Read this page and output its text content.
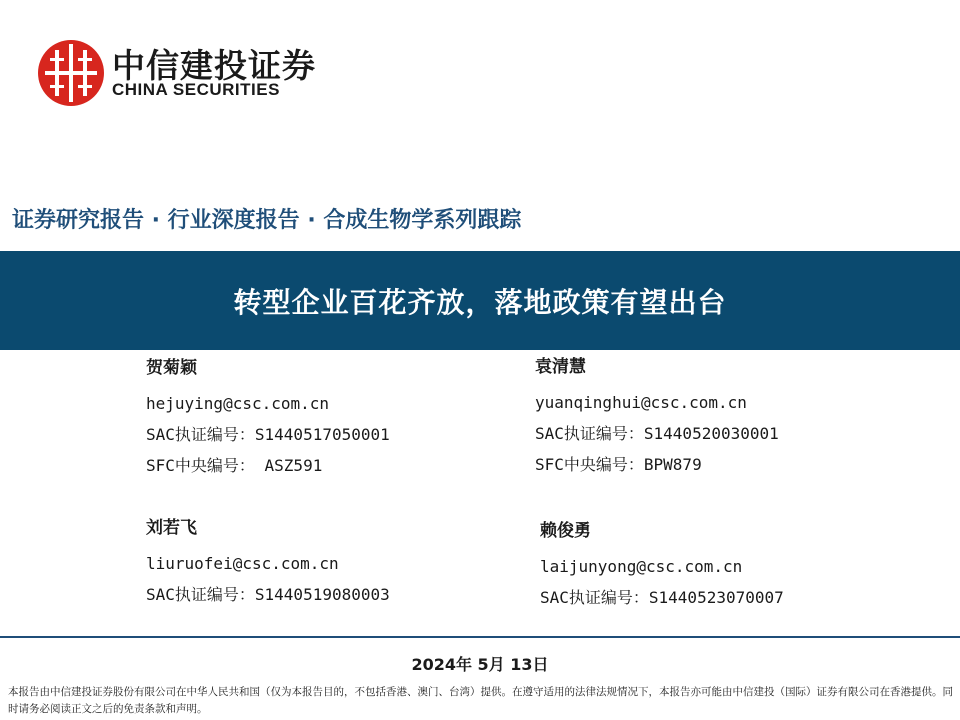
中信建投证券
CHINA SECURITIES
证券研究报告 · 行业深度报告 · 合成生物学系列跟踪
转型企业百花齐放，落地政策有望出台
贺菊颖
hejuying@csc.com.cn
SAC执证编号：S1440517050001
SFC中央编号： ASZ591
袁清慧
yuanqinghui@csc.com.cn
SAC执证编号：S1440520030001
SFC中央编号：BPW879
刘若飞
liuruofei@csc.com.cn
SAC执证编号：S1440519080003
赖俊勇
laijunyong@csc.com.cn
SAC执证编号：S1440523070007
2024年 5月 13日
本报告由中信建投证券股份有限公司在中华人民共和国（仅为本报告目的，不包括香港、澳门、台湾）提供。在遵守适用的法律法规情况下，本报告亦可能由中信建投（国际）证券有限公司在香港提供。同时请务必阅读正文之后的免责条款和声明。
